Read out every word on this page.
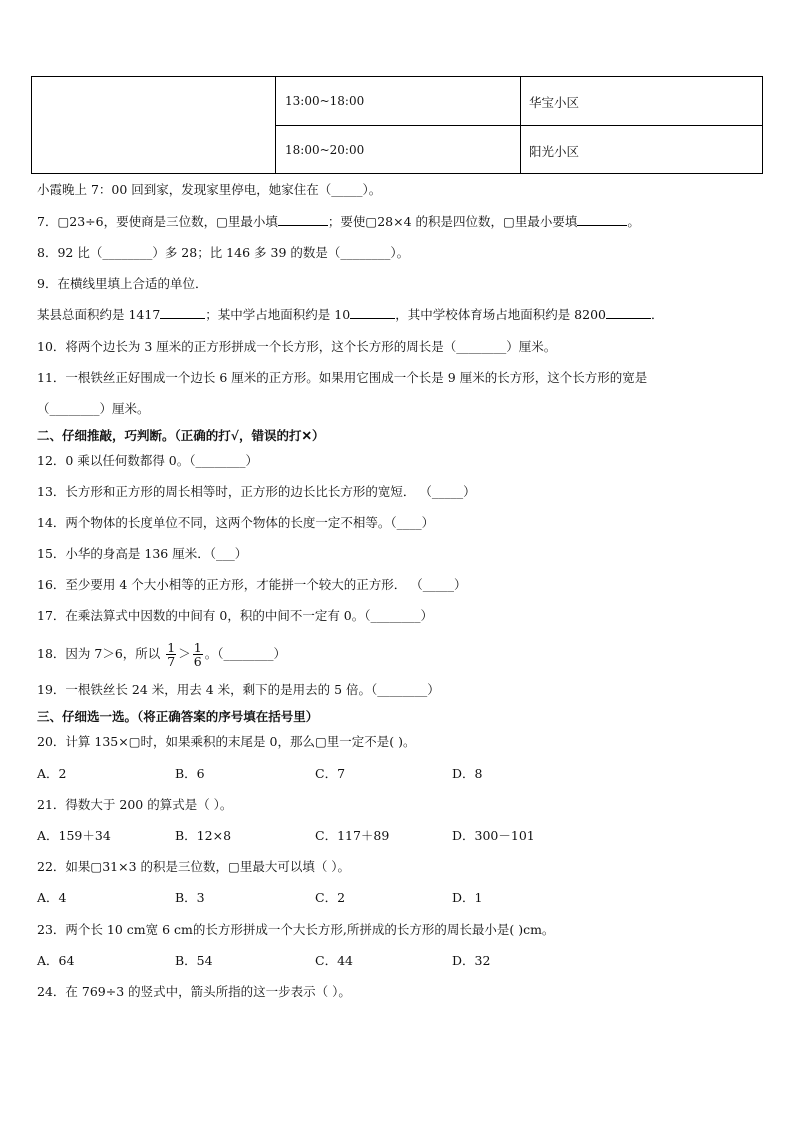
13:00~18:00	华宝小区
18:00~20:00	阳光小区
小霞晚上 7：00 回到家，发现家里停电，她家住在（_____）。
7．▢23÷6，要使商是三位数，▢里最小填	；要使▢28×4 的积是四位数，▢里最小要填	。
8．92 比（________）多 28；比 146 多 39 的数是（________）。
9．在横线里填上合适的单位．
某县总面积约是 1417	；某中学占地面积约是 10	，其中学校体育场占地面积约是 8200	．
10．将两个边长为 3 厘米的正方形拼成一个长方形，这个长方形的周长是（________）厘米。
11．一根铁丝正好围成一个边长 6 厘米的正方形。如果用它围成一个长是 9 厘米的长方形，这个长方形的宽是
（________）厘米。
二、仔细推敲，巧判断。（正确的打√，错误的打✕）
12．0 乘以任何数都得 0。（________）
13．长方形和正方形的周长相等时，正方形的边长比长方形的宽短． （_____）
14．两个物体的长度单位不同，这两个物体的长度一定不相等。（____）
15．小华的身高是 136 厘米．（___）
16．至少要用 4 个大小相等的正方形，才能拼一个较大的正方形． （_____）
17．在乘法算式中因数的中间有 0，积的中间不一定有 0。（________）
18．因为 7＞6，所以 $\frac{1}{7} > \frac{1}{6}$ 。（________）
19．一根铁丝长 24 米，用去 4 米，剩下的是用去的 5 倍。（________）
三、仔细选一选。（将正确答案的序号填在括号里）
20．计算 135×▢时，如果乘积的末尾是 0，那么▢里一定不是( )。
A．2	B．6	C．7	D．8
21．得数大于 200 的算式是（ ）。
A．159＋34	B．12×8	C．117＋89	D．300－101
22．如果▢31×3 的积是三位数，▢里最大可以填（ ）。
A．4	B．3	C．2	D．1
23．两个长 10 cm宽 6 cm的长方形拼成一个大长方形,所拼成的长方形的周长最小是( )cm。
A．64	B．54	C．44	D．32
24．在 769÷3 的竖式中，箭头所指的这一步表示（ ）。
